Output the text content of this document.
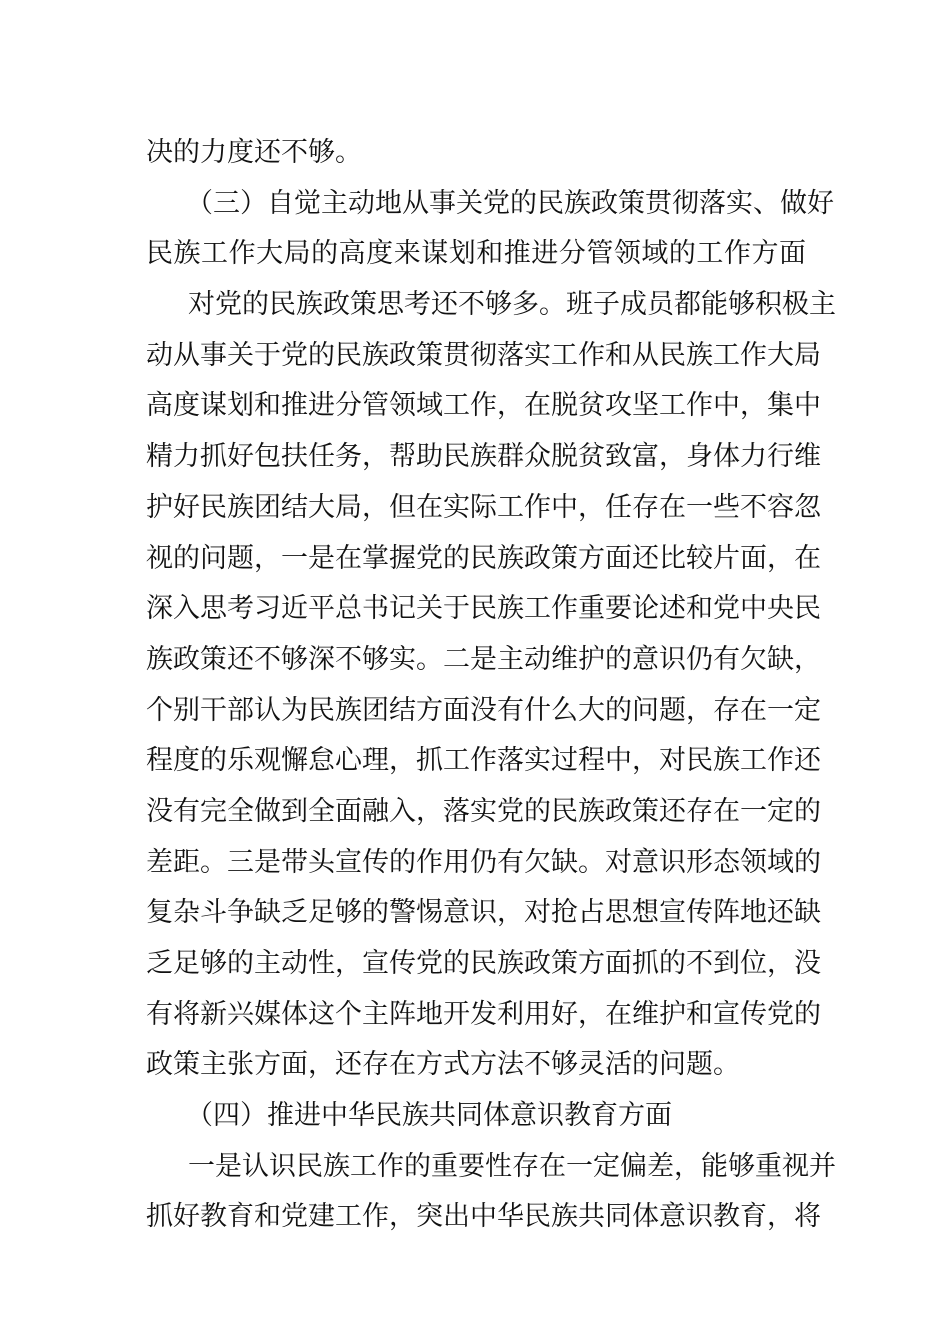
决的力度还不够。
（三）自觉主动地从事关党的民族政策贯彻落实、做好
民族工作大局的高度来谋划和推进分管领域的工作方面
对党的民族政策思考还不够多。班子成员都能够积极主
动从事关于党的民族政策贯彻落实工作和从民族工作大局
高度谋划和推进分管领域工作，在脱贫攻坚工作中，集中
精力抓好包扶任务，帮助民族群众脱贫致富，身体力行维
护好民族团结大局，但在实际工作中，任存在一些不容忽
视的问题，一是在掌握党的民族政策方面还比较片面，在
深入思考习近平总书记关于民族工作重要论述和党中央民
族政策还不够深不够实。二是主动维护的意识仍有欠缺，
个别干部认为民族团结方面没有什么大的问题，存在一定
程度的乐观懈怠心理，抓工作落实过程中，对民族工作还
没有完全做到全面融入，落实党的民族政策还存在一定的
差距。三是带头宣传的作用仍有欠缺。对意识形态领域的
复杂斗争缺乏足够的警惕意识，对抢占思想宣传阵地还缺
乏足够的主动性，宣传党的民族政策方面抓的不到位，没
有将新兴媒体这个主阵地开发利用好，在维护和宣传党的
政策主张方面，还存在方式方法不够灵活的问题。
（四）推进中华民族共同体意识教育方面
一是认识民族工作的重要性存在一定偏差，能够重视并
抓好教育和党建工作，突出中华民族共同体意识教育，将
